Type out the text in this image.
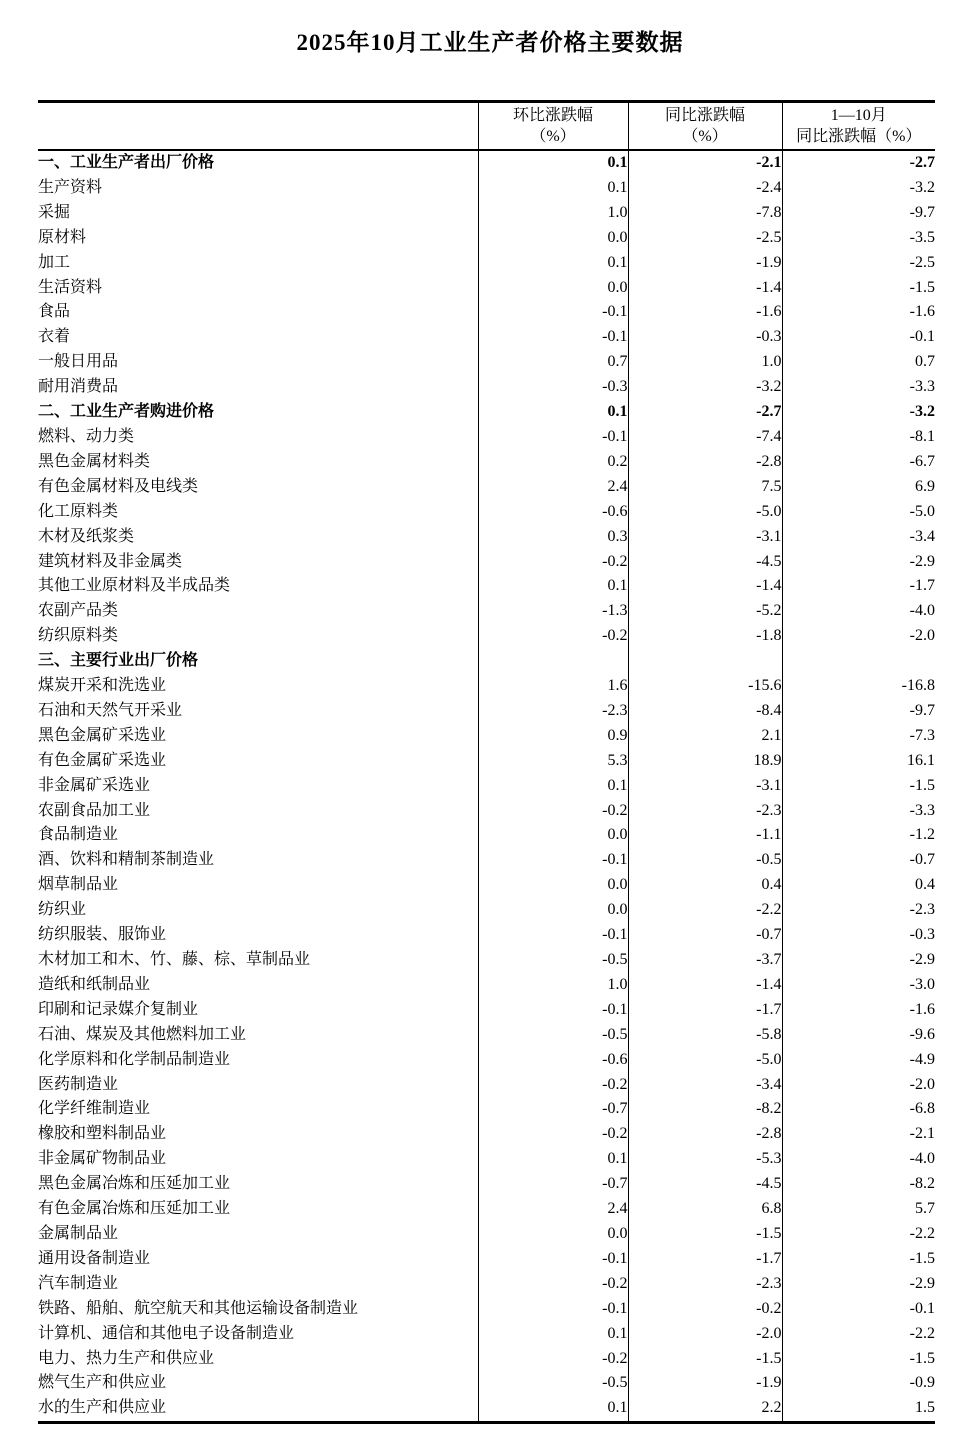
2025年10月工业生产者价格主要数据

环比涨跌幅
（%）

同比涨跌幅
（%）

1—10月
同比涨跌幅（%）

一、工业生产者出厂价格	0.1	-2.1	-2.7
生产资料	0.1	-2.4	-3.2
采掘	1.0	-7.8	-9.7
原材料	0.0	-2.5	-3.5
加工	0.1	-1.9	-2.5
生活资料	0.0	-1.4	-1.5
食品	-0.1	-1.6	-1.6
衣着	-0.1	-0.3	-0.1
一般日用品	0.7	1.0	0.7
耐用消费品	-0.3	-3.2	-3.3
二、工业生产者购进价格	0.1	-2.7	-3.2
燃料、动力类	-0.1	-7.4	-8.1
黑色金属材料类	0.2	-2.8	-6.7
有色金属材料及电线类	2.4	7.5	6.9
化工原料类	-0.6	-5.0	-5.0
木材及纸浆类	0.3	-3.1	-3.4
建筑材料及非金属类	-0.2	-4.5	-2.9
其他工业原材料及半成品类	0.1	-1.4	-1.7
农副产品类	-1.3	-5.2	-4.0
纺织原料类	-0.2	-1.8	-2.0
三、主要行业出厂价格			
煤炭开采和洗选业	1.6	-15.6	-16.8
石油和天然气开采业	-2.3	-8.4	-9.7
黑色金属矿采选业	0.9	2.1	-7.3
有色金属矿采选业	5.3	18.9	16.1
非金属矿采选业	0.1	-3.1	-1.5
农副食品加工业	-0.2	-2.3	-3.3
食品制造业	0.0	-1.1	-1.2
酒、饮料和精制茶制造业	-0.1	-0.5	-0.7
烟草制品业	0.0	0.4	0.4
纺织业	0.0	-2.2	-2.3
纺织服装、服饰业	-0.1	-0.7	-0.3
木材加工和木、竹、藤、棕、草制品业	-0.5	-3.7	-2.9
造纸和纸制品业	1.0	-1.4	-3.0
印刷和记录媒介复制业	-0.1	-1.7	-1.6
石油、煤炭及其他燃料加工业	-0.5	-5.8	-9.6
化学原料和化学制品制造业	-0.6	-5.0	-4.9
医药制造业	-0.2	-3.4	-2.0
化学纤维制造业	-0.7	-8.2	-6.8
橡胶和塑料制品业	-0.2	-2.8	-2.1
非金属矿物制品业	0.1	-5.3	-4.0
黑色金属冶炼和压延加工业	-0.7	-4.5	-8.2
有色金属冶炼和压延加工业	2.4	6.8	5.7
金属制品业	0.0	-1.5	-2.2
通用设备制造业	-0.1	-1.7	-1.5
汽车制造业	-0.2	-2.3	-2.9
铁路、船舶、航空航天和其他运输设备制造业	-0.1	-0.2	-0.1
计算机、通信和其他电子设备制造业	0.1	-2.0	-2.2
电力、热力生产和供应业	-0.2	-1.5	-1.5
燃气生产和供应业	-0.5	-1.9	-0.9
水的生产和供应业	0.1	2.2	1.5
